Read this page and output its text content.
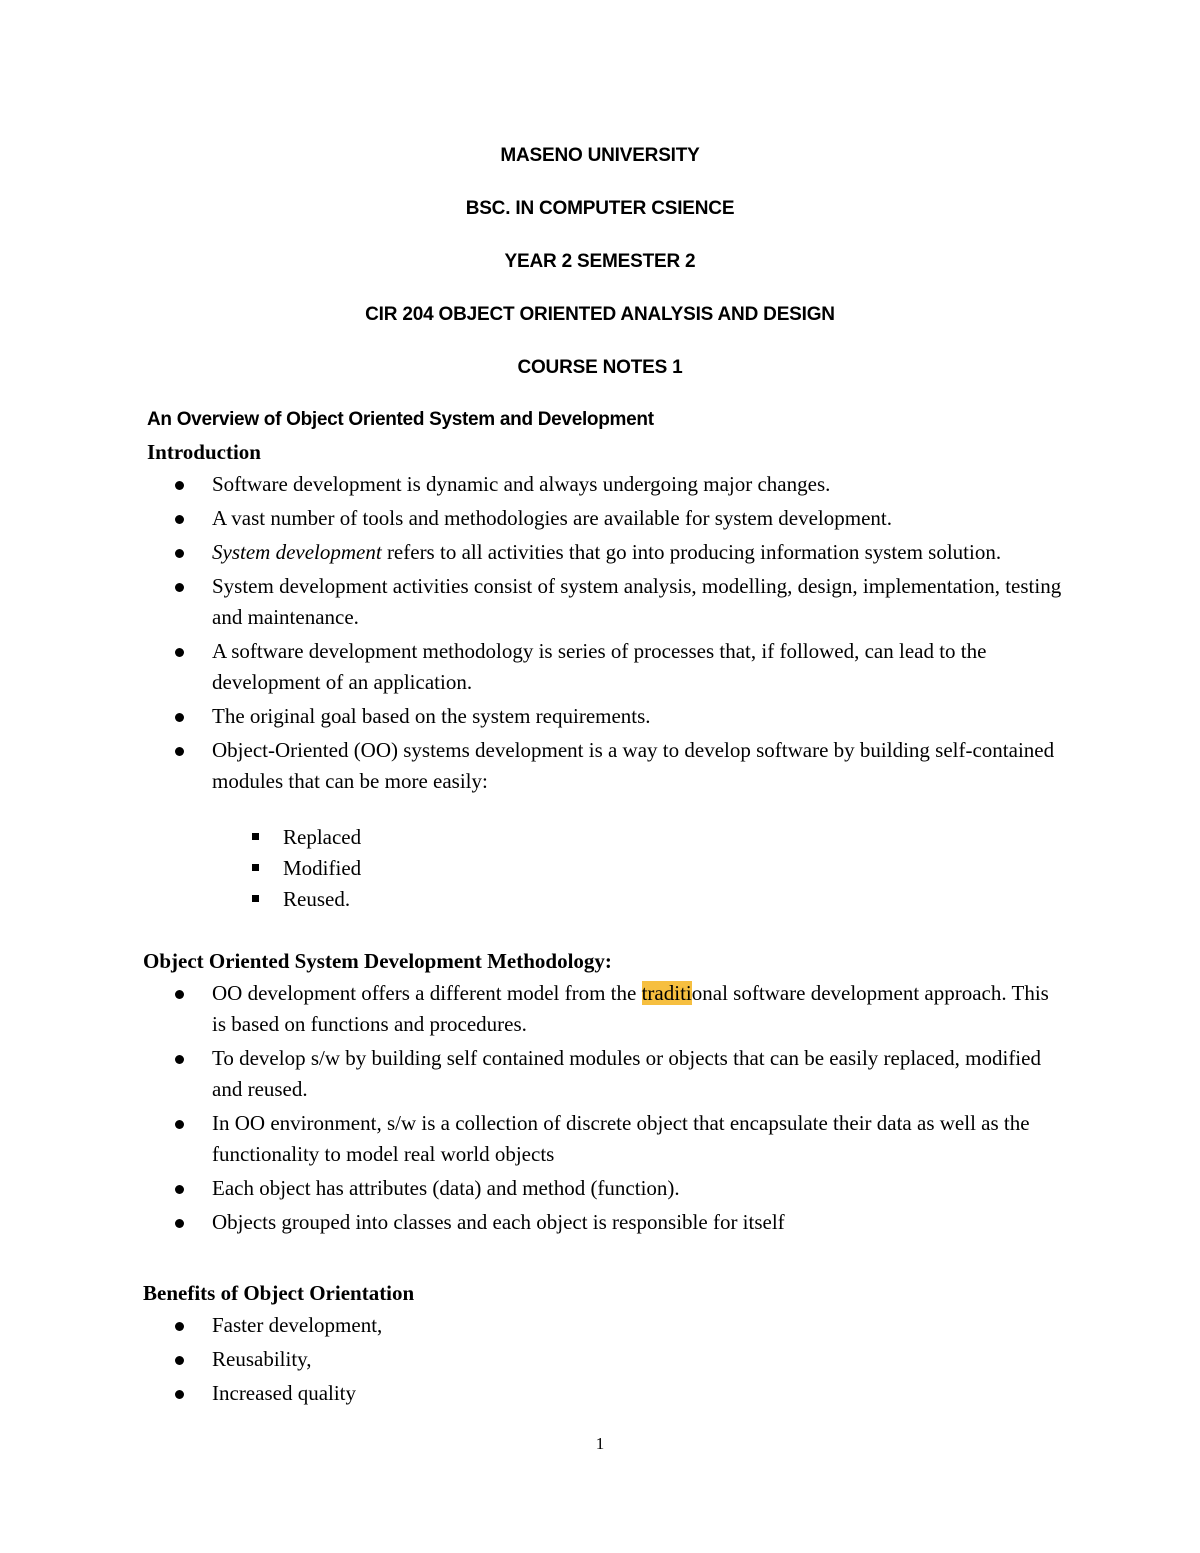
MASENO UNIVERSITY
BSC. IN COMPUTER CSIENCE
YEAR 2 SEMESTER 2
CIR 204 OBJECT ORIENTED ANALYSIS AND DESIGN
COURSE NOTES 1
An Overview of Object Oriented System and Development
Introduction
Software development is dynamic and always undergoing major changes.
A vast number of tools and methodologies are available for system development.
System development refers to all activities that go into producing information system solution.
System development activities consist of system analysis, modelling, design, implementation, testing and maintenance.
A software development methodology is series of processes that, if followed, can lead to the development of an application.
The original goal based on the system requirements.
Object-Oriented (OO) systems development is a way to develop software by building self-contained modules that can be more easily:
Replaced
Modified
Reused.
Object Oriented System Development Methodology:
OO development offers a different model from the traditional software development approach. This is based on functions and procedures.
To develop s/w by building self contained modules or objects that can be easily replaced, modified and reused.
In OO environment, s/w is a collection of discrete object that encapsulate their data as well as the functionality to model real world objects
Each object has attributes (data) and method (function).
Objects grouped into classes and each object is responsible for itself
Benefits of Object Orientation
Faster development,
Reusability,
Increased quality
1
